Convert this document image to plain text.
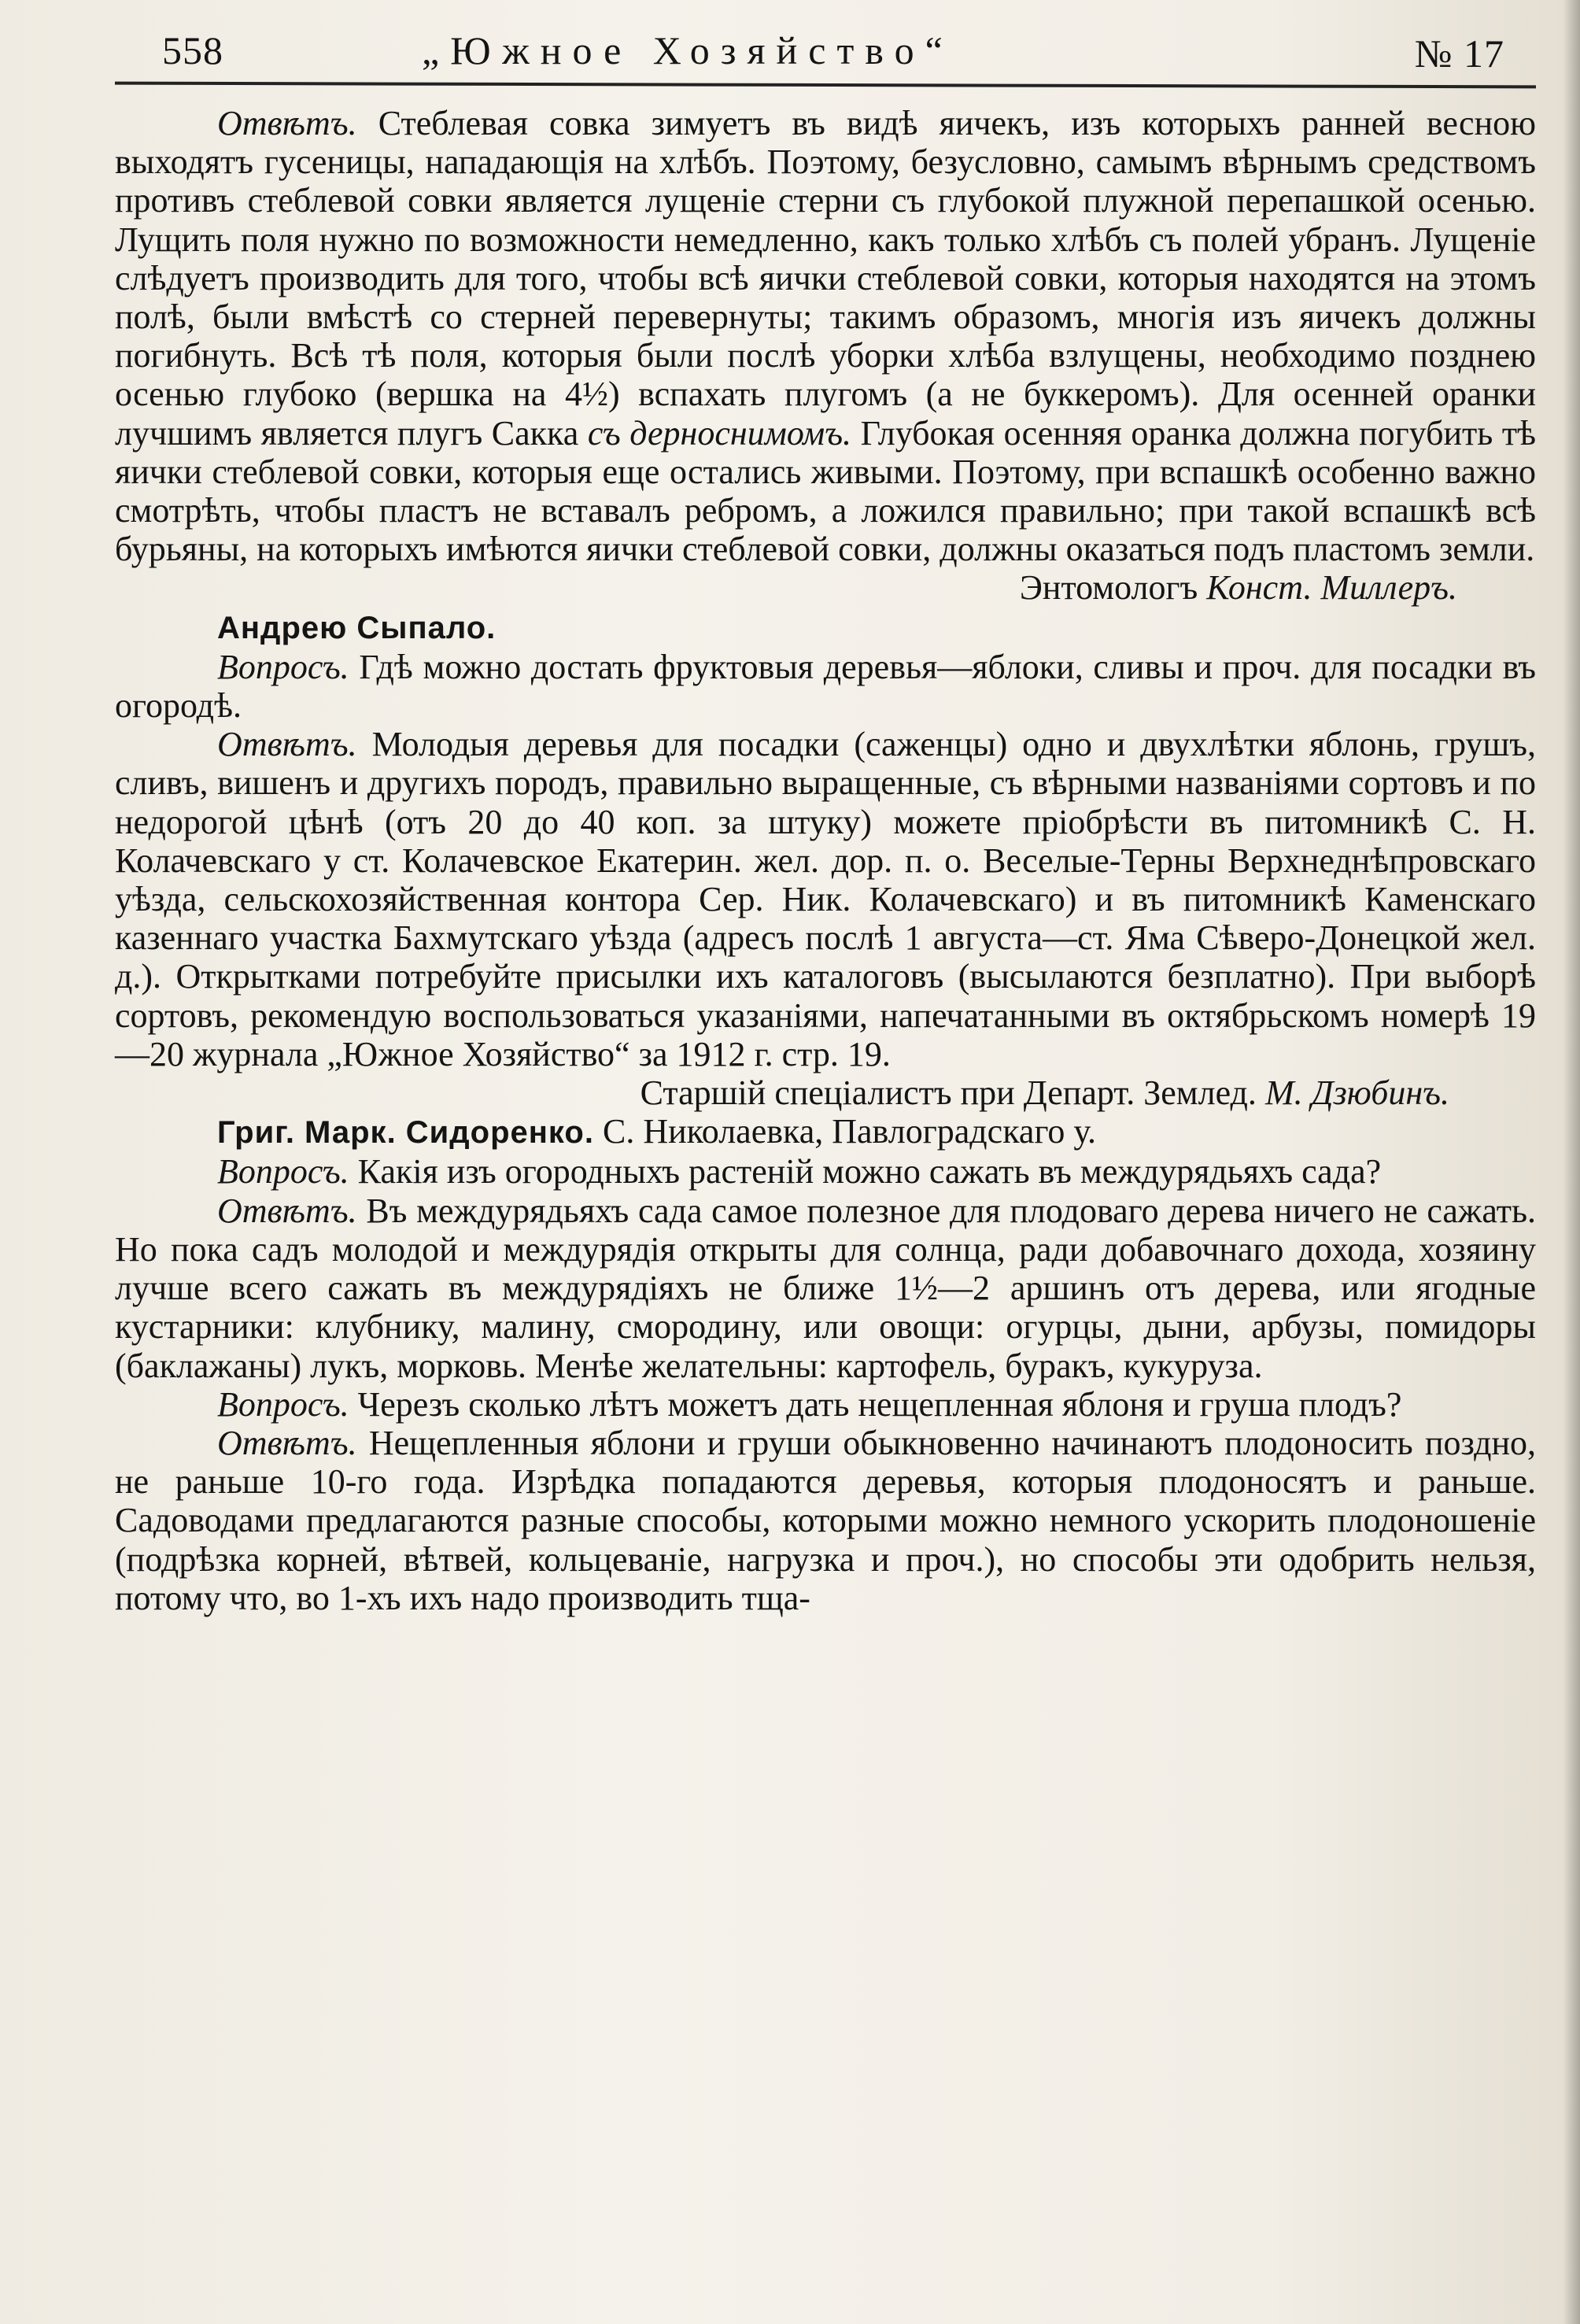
558	„Южное Хозяйство“	№ 17

Отвѣтъ. Стеблевая совка зимуетъ въ видѣ яичекъ, изъ которыхъ ранней весною выходятъ гусеницы, нападающія на хлѣбъ. Поэтому, безусловно, самымъ вѣрнымъ средствомъ противъ стеблевой совки является лущеніе стерни съ глубокой плужной перепашкой осенью. Лущить поля нужно по возможности немедленно, какъ только хлѣбъ съ полей убранъ. Лущеніе слѣдуетъ производить для того, чтобы всѣ яички стеблевой совки, которыя находятся на этомъ полѣ, были вмѣстѣ со стерней перевернуты; такимъ образомъ, многія изъ яичекъ должны погибнуть. Всѣ тѣ поля, которыя были послѣ уборки хлѣба взлущены, необходимо позднею осенью глубоко (вершка на 4½) вспахать плугомъ (а не буккеромъ). Для осенней оранки лучшимъ является плугъ Сакка съ дерноснимомъ. Глубокая осенняя оранка должна погубить тѣ яички стеблевой совки, которыя еще остались живыми. Поэтому, при вспашкѣ особенно важно смотрѣть, чтобы пластъ не вставалъ ребромъ, а ложился правильно; при такой вспашкѣ всѣ бурьяны, на которыхъ имѣются яички стеблевой совки, должны оказаться подъ пластомъ земли.

Энтомологъ Конст. Миллеръ.

Андрею Сыпало.

Вопросъ. Гдѣ можно достать фруктовыя деревья—яблоки, сливы и проч. для посадки въ огородѣ.

Отвѣтъ. Молодыя деревья для посадки (саженцы) одно и двухлѣтки яблонь, грушъ, сливъ, вишенъ и другихъ породъ, правильно выращенные, съ вѣрными названіями сортовъ и по недорогой цѣнѣ (отъ 20 до 40 коп. за штуку) можете пріобрѣсти въ питомникѣ С. Н. Колачевскаго у ст. Колачевское Екатерин. жел. дор. п. о. Веселые-Терны Верхнеднѣпровскаго уѣзда, сельскохозяйственная контора Сер. Ник. Колачевскаго) и въ питомникѣ Каменскаго казеннаго участка Бахмутскаго уѣзда (адресъ послѣ 1 августа—ст. Яма Сѣверо-Донецкой жел. д.). Открытками потребуйте присылки ихъ каталоговъ (высылаются безплатно). При выборѣ сортовъ, рекомендую воспользоваться указаніями, напечатанными въ октябрьскомъ номерѣ 19—20 журнала „Южное Хозяйство“ за 1912 г. стр. 19.

Старшій спеціалистъ при Департ. Землед. М. Дзюбинъ.

Григ. Марк. Сидоренко. С. Николаевка, Павлоградскаго у.

Вопросъ. Какія изъ огородныхъ растеній можно сажать въ междурядьяхъ сада?

Отвѣтъ. Въ междурядьяхъ сада самое полезное для плодоваго дерева ничего не сажать. Но пока садъ молодой и междурядія открыты для солнца, ради добавочнаго дохода, хозяину лучше всего сажать въ междурядіяхъ не ближе 1½—2 аршинъ отъ дерева, или ягодные кустарники: клубнику, малину, смородину, или овощи: огурцы, дыни, арбузы, помидоры (баклажаны) лукъ, морковь. Менѣе желательны: картофель, буракъ, кукуруза.

Вопросъ. Черезъ сколько лѣтъ можетъ дать нещепленная яблоня и груша плодъ?

Отвѣтъ. Нещепленныя яблони и груши обыкновенно начинаютъ плодоносить поздно, не раньше 10-го года. Изрѣдка попадаются деревья, которыя плодоносятъ и раньше. Садоводами предлагаются разные способы, которыми можно немного ускорить плодоношеніе (подрѣзка корней, вѣтвей, кольцеваніе, нагрузка и проч.), но способы эти одобрить нельзя, потому что, во 1-хъ ихъ надо производить тща-
